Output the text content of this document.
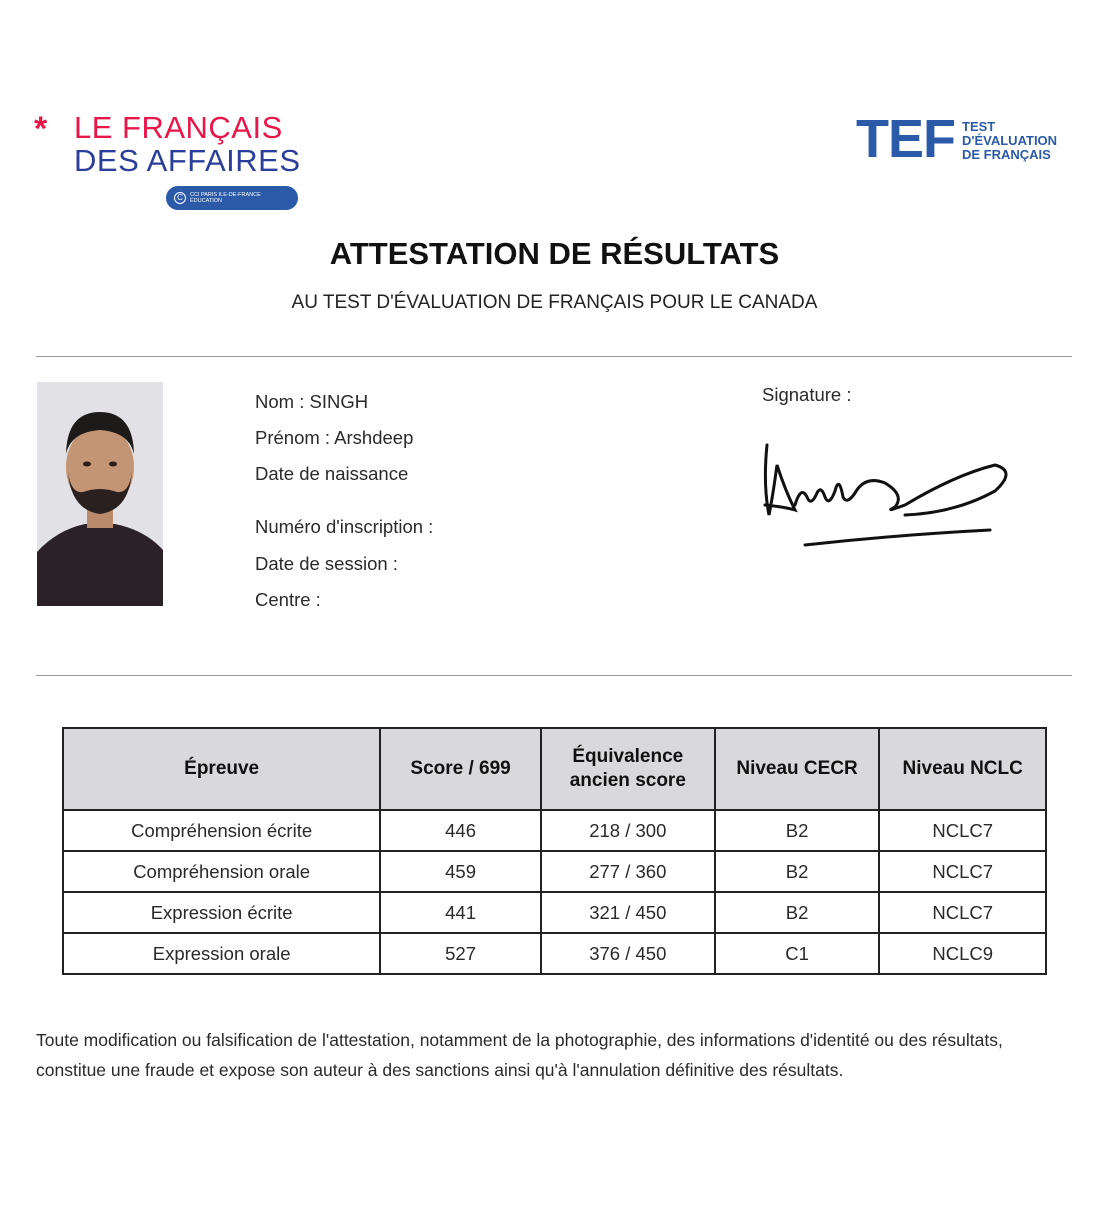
* LE FRANÇAIS
DES AFFAIRES
C	CCI PARIS ILE-DE-FRANCE ÉDUCATION
TEF TEST
D'ÉVALUATION
DE FRANÇAIS
ATTESTATION DE RÉSULTATS
AU TEST D'ÉVALUATION DE FRANÇAIS POUR LE CANADA
Nom : SINGH
Prénom : Arshdeep
Date de naissance
Numéro d'inscription :
Date de session :
Centre :
Signature :
Épreuve	Score / 699	Équivalence ancien score	Niveau CECR	Niveau NCLC
Compréhension écrite	446	218 / 300	B2	NCLC7
Compréhension orale	459	277 / 360	B2	NCLC7
Expression écrite	441	321 / 450	B2	NCLC7
Expression orale	527	376 / 450	C1	NCLC9
Toute modification ou falsification de l'attestation, notamment de la photographie, des informations d'identité ou des résultats, constitue une fraude et expose son auteur à des sanctions ainsi qu'à l'annulation définitive des résultats.
